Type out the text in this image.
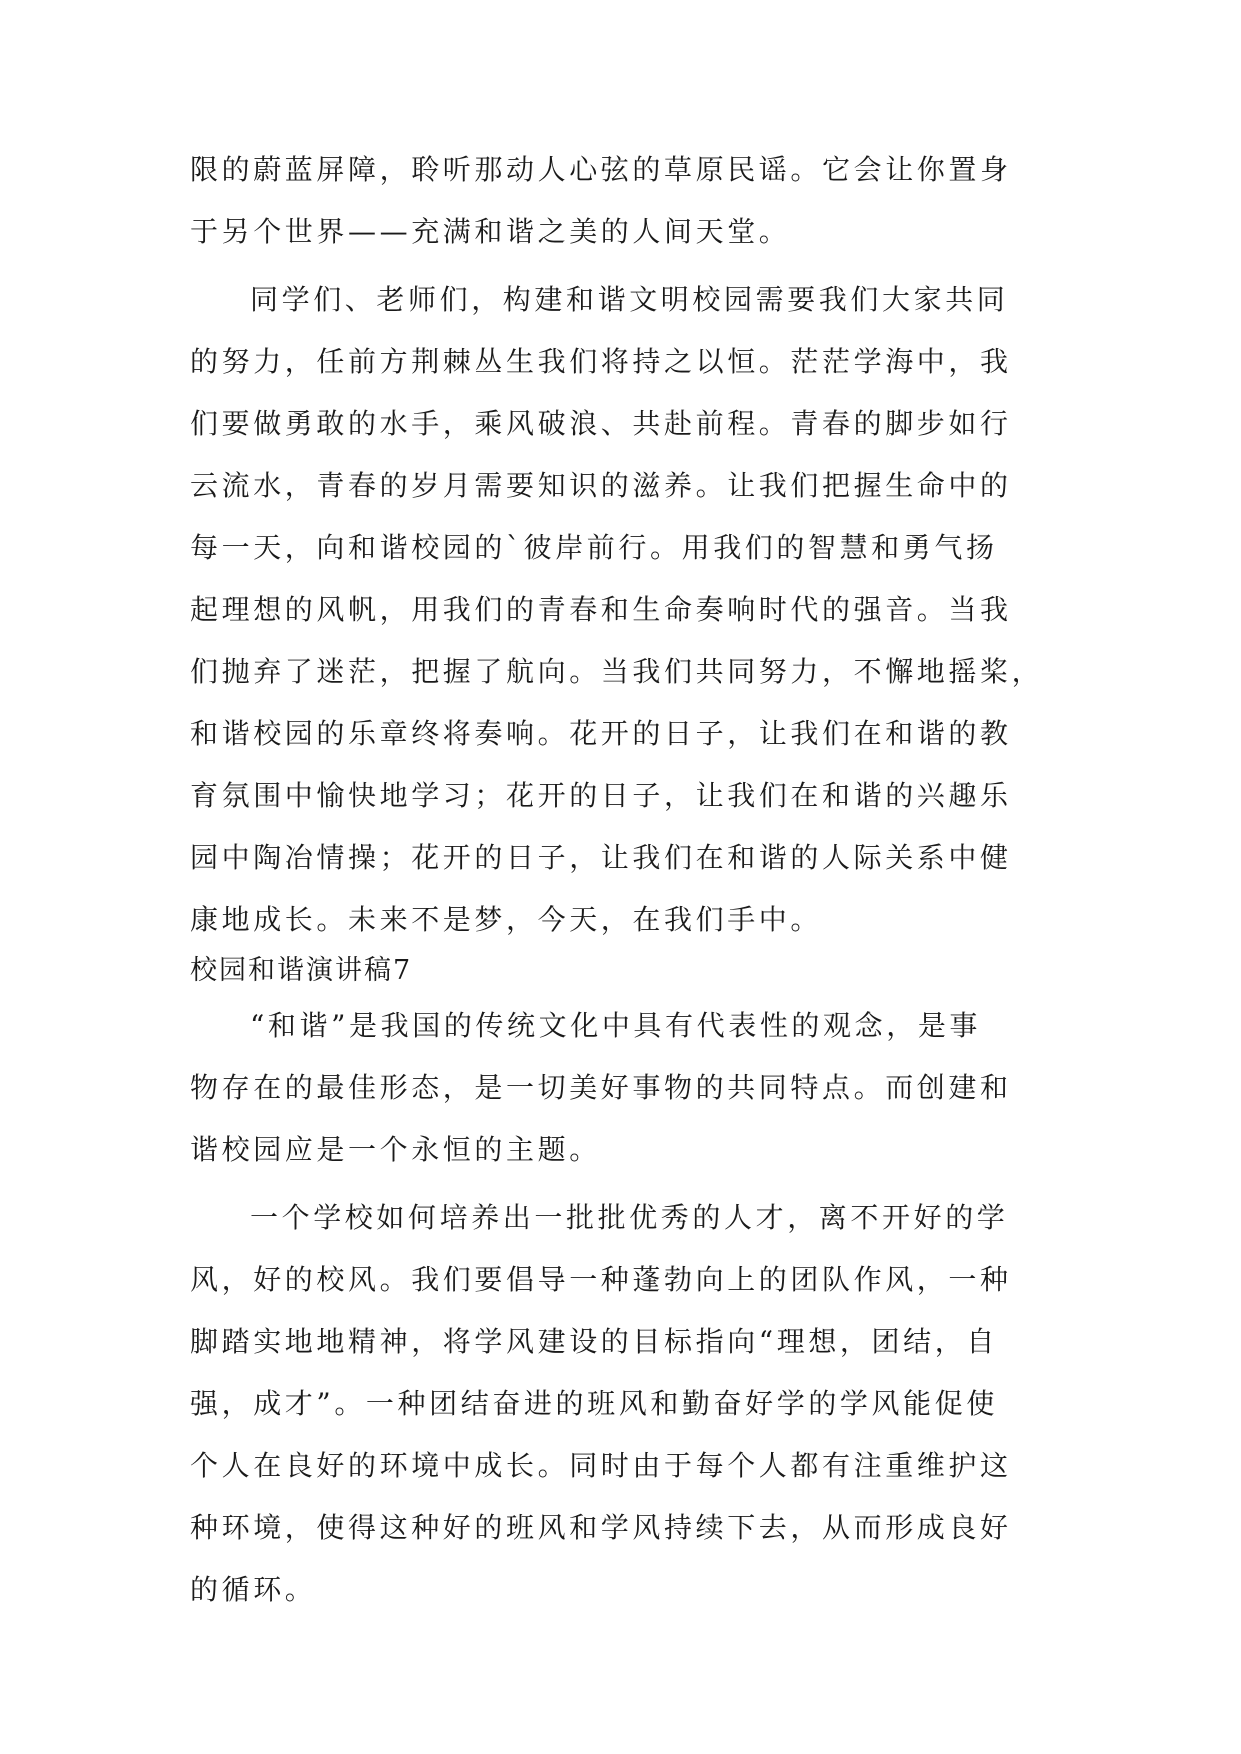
限的蔚蓝屏障，聆听那动人心弦的草原民谣。它会让你置身
于另个世界——充满和谐之美的人间天堂。
同学们、老师们，构建和谐文明校园需要我们大家共同
的努力，任前方荆棘丛生我们将持之以恒。茫茫学海中，我
们要做勇敢的水手，乘风破浪、共赴前程。青春的脚步如行
云流水，青春的岁月需要知识的滋养。让我们把握生命中的
每一天，向和谐校园的`彼岸前行。用我们的智慧和勇气扬
起理想的风帆，用我们的青春和生命奏响时代的强音。当我
们抛弃了迷茫，把握了航向。当我们共同努力，不懈地摇桨，
和谐校园的乐章终将奏响。花开的日子，让我们在和谐的教
育氛围中愉快地学习；花开的日子，让我们在和谐的兴趣乐
园中陶冶情操；花开的日子，让我们在和谐的人际关系中健
康地成长。未来不是梦，今天，在我们手中。
校园和谐演讲稿7
“和谐”是我国的传统文化中具有代表性的观念，是事
物存在的最佳形态，是一切美好事物的共同特点。而创建和
谐校园应是一个永恒的主题。
一个学校如何培养出一批批优秀的人才，离不开好的学
风，好的校风。我们要倡导一种蓬勃向上的团队作风，一种
脚踏实地地精神，将学风建设的目标指向“理想，团结，自
强，成才”。一种团结奋进的班风和勤奋好学的学风能促使
个人在良好的环境中成长。同时由于每个人都有注重维护这
种环境，使得这种好的班风和学风持续下去，从而形成良好
的循环。
